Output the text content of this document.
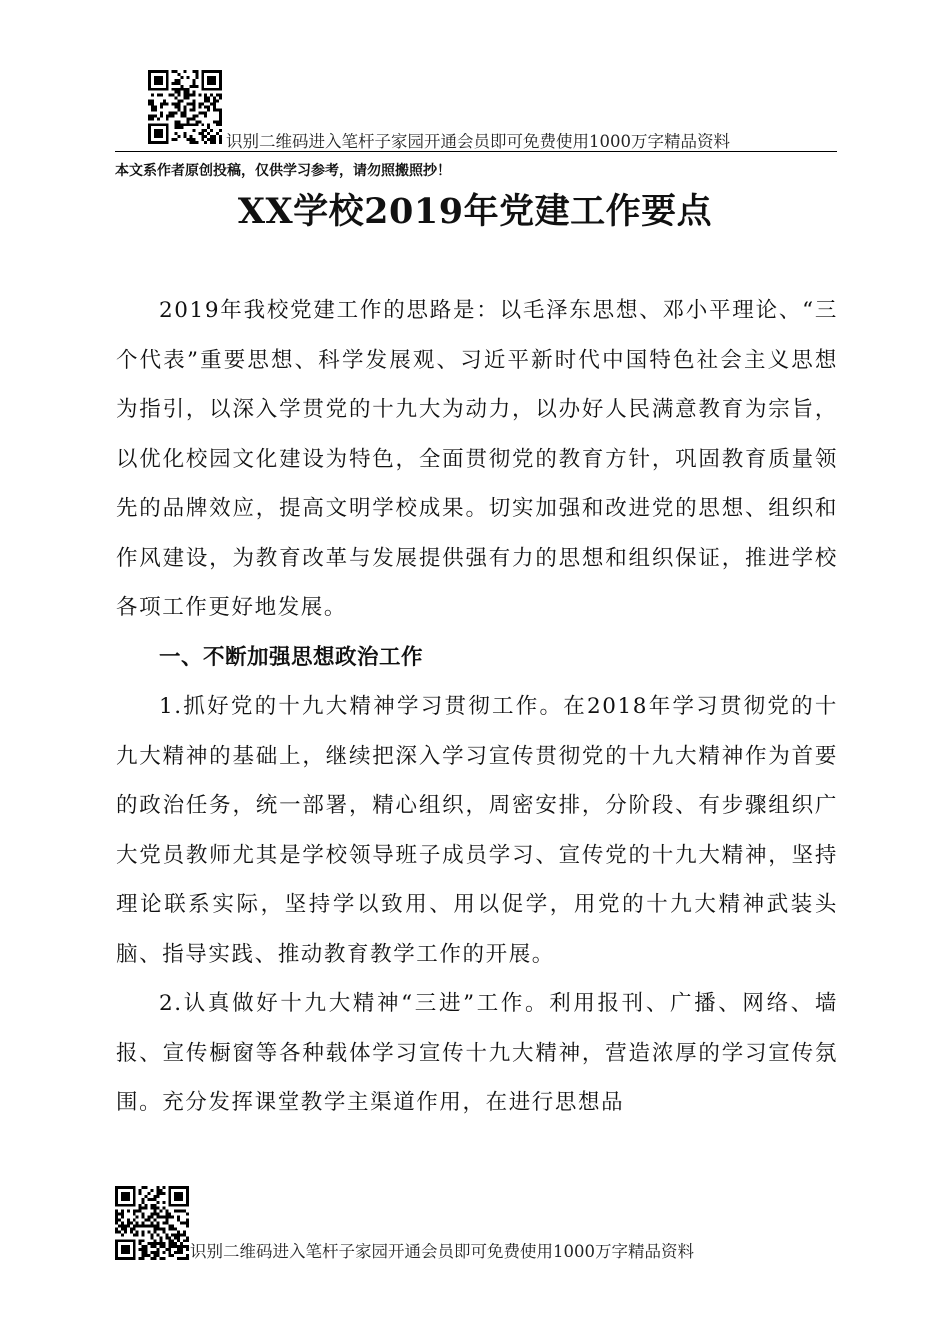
识别二维码进入笔杆子家园开通会员即可免费使用1000万字精品资料
本文系作者原创投稿，仅供学习参考，请勿照搬照抄！
XX学校2019年党建工作要点

2019年我校党建工作的思路是：以毛泽东思想、邓小平理论、“三个代表”重要思想、科学发展观、习近平新时代中国特色社会主义思想为指引，以深入学贯党的十九大为动力，以办好人民满意教育为宗旨，以优化校园文化建设为特色，全面贯彻党的教育方针，巩固教育质量领先的品牌效应，提高文明学校成果。切实加强和改进党的思想、组织和作风建设，为教育改革与发展提供强有力的思想和组织保证，推进学校各项工作更好地发展。

一、不断加强思想政治工作

1.抓好党的十九大精神学习贯彻工作。在2018年学习贯彻党的十九大精神的基础上，继续把深入学习宣传贯彻党的十九大精神作为首要的政治任务，统一部署，精心组织，周密安排，分阶段、有步骤组织广大党员教师尤其是学校领导班子成员学习、宣传党的十九大精神，坚持理论联系实际，坚持学以致用、用以促学，用党的十九大精神武装头脑、指导实践、推动教育教学工作的开展。

2.认真做好十九大精神“三进”工作。利用报刊、广播、网络、墙报、宣传橱窗等各种载体学习宣传十九大精神，营造浓厚的学习宣传氛围。充分发挥课堂教学主渠道作用，在进行思想品

识别二维码进入笔杆子家园开通会员即可免费使用1000万字精品资料
